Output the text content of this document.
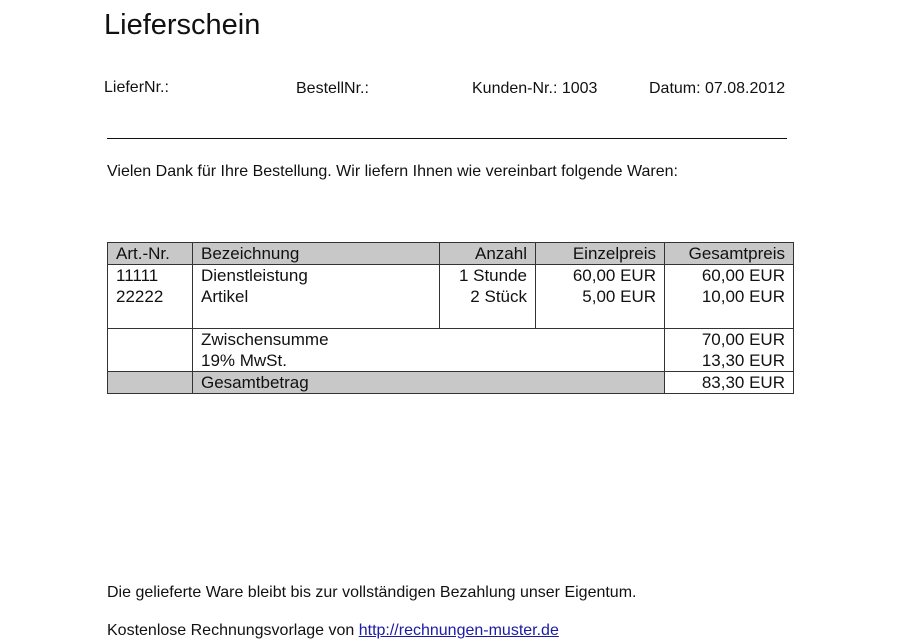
Lieferschein
LieferNr.:	BestellNr.:	Kunden-Nr.: 1003	Datum: 07.08.2012
Vielen Dank für Ihre Bestellung. Wir liefern Ihnen wie vereinbart folgende Waren:
Art.-Nr.	Bezeichnung	Anzahl	Einzelpreis	Gesamtpreis
11111	Dienstleistung	1 Stunde	60,00 EUR	60,00 EUR
22222	Artikel	2 Stück	5,00 EUR	10,00 EUR

	Zwischensumme			70,00 EUR
	19% MwSt.			13,30 EUR
	Gesamtbetrag			83,30 EUR
Die gelieferte Ware bleibt bis zur vollständigen Bezahlung unser Eigentum.
Kostenlose Rechnungsvorlage von http://rechnungen-muster.de
